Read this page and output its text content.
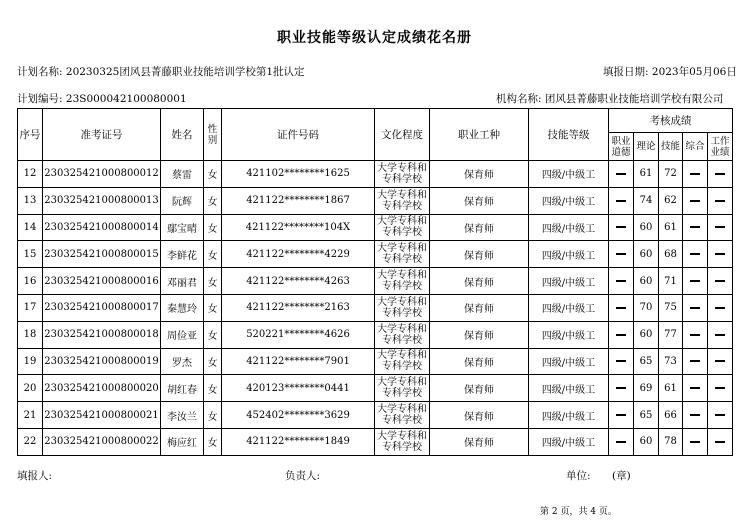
职业技能等级认定成绩花名册
计划名称: 20230325团风县菁藤职业技能培训学校第1批认定	填报日期: 2023年05月06日
计划编号: 23S000042100080001	机构名称: 团风县菁藤职业技能培训学校有限公司
序号	准考证号	姓名	性别	证件号码	文化程度	职业工种	技能等级	考核成绩				
								职业道德	理论	技能	综合	工作业绩
12	230325421000800012	蔡雷	女	421102********1625	大学专科和专科学校	保育师	四级/中级工		61	72		
13	230325421000800013	阮辉	女	421122********1867	大学专科和专科学校	保育师	四级/中级工		74	62		
14	230325421000800014	鄢宝晴	女	421122********104X	大学专科和专科学校	保育师	四级/中级工		60	61		
15	230325421000800015	李鲜花	女	421122********4229	大学专科和专科学校	保育师	四级/中级工		60	68		
16	230325421000800016	邓丽君	女	421122********4263	大学专科和专科学校	保育师	四级/中级工		60	71		
17	230325421000800017	秦慧玲	女	421122********2163	大学专科和专科学校	保育师	四级/中级工		70	75		
18	230325421000800018	周俭亚	女	520221********4626	大学专科和专科学校	保育师	四级/中级工		60	77		
19	230325421000800019	罗杰	女	421122********7901	大学专科和专科学校	保育师	四级/中级工		65	73		
20	230325421000800020	胡红春	女	420123********0441	大学专科和专科学校	保育师	四级/中级工		69	61		
21	230325421000800021	李汝兰	女	452402********3629	大学专科和专科学校	保育师	四级/中级工		65	66		
22	230325421000800022	梅应红	女	421122********1849	大学专科和专科学校	保育师	四级/中级工		60	78		
填报人:	负责人:	单位: (章)
第 2 页，共 4 页。
